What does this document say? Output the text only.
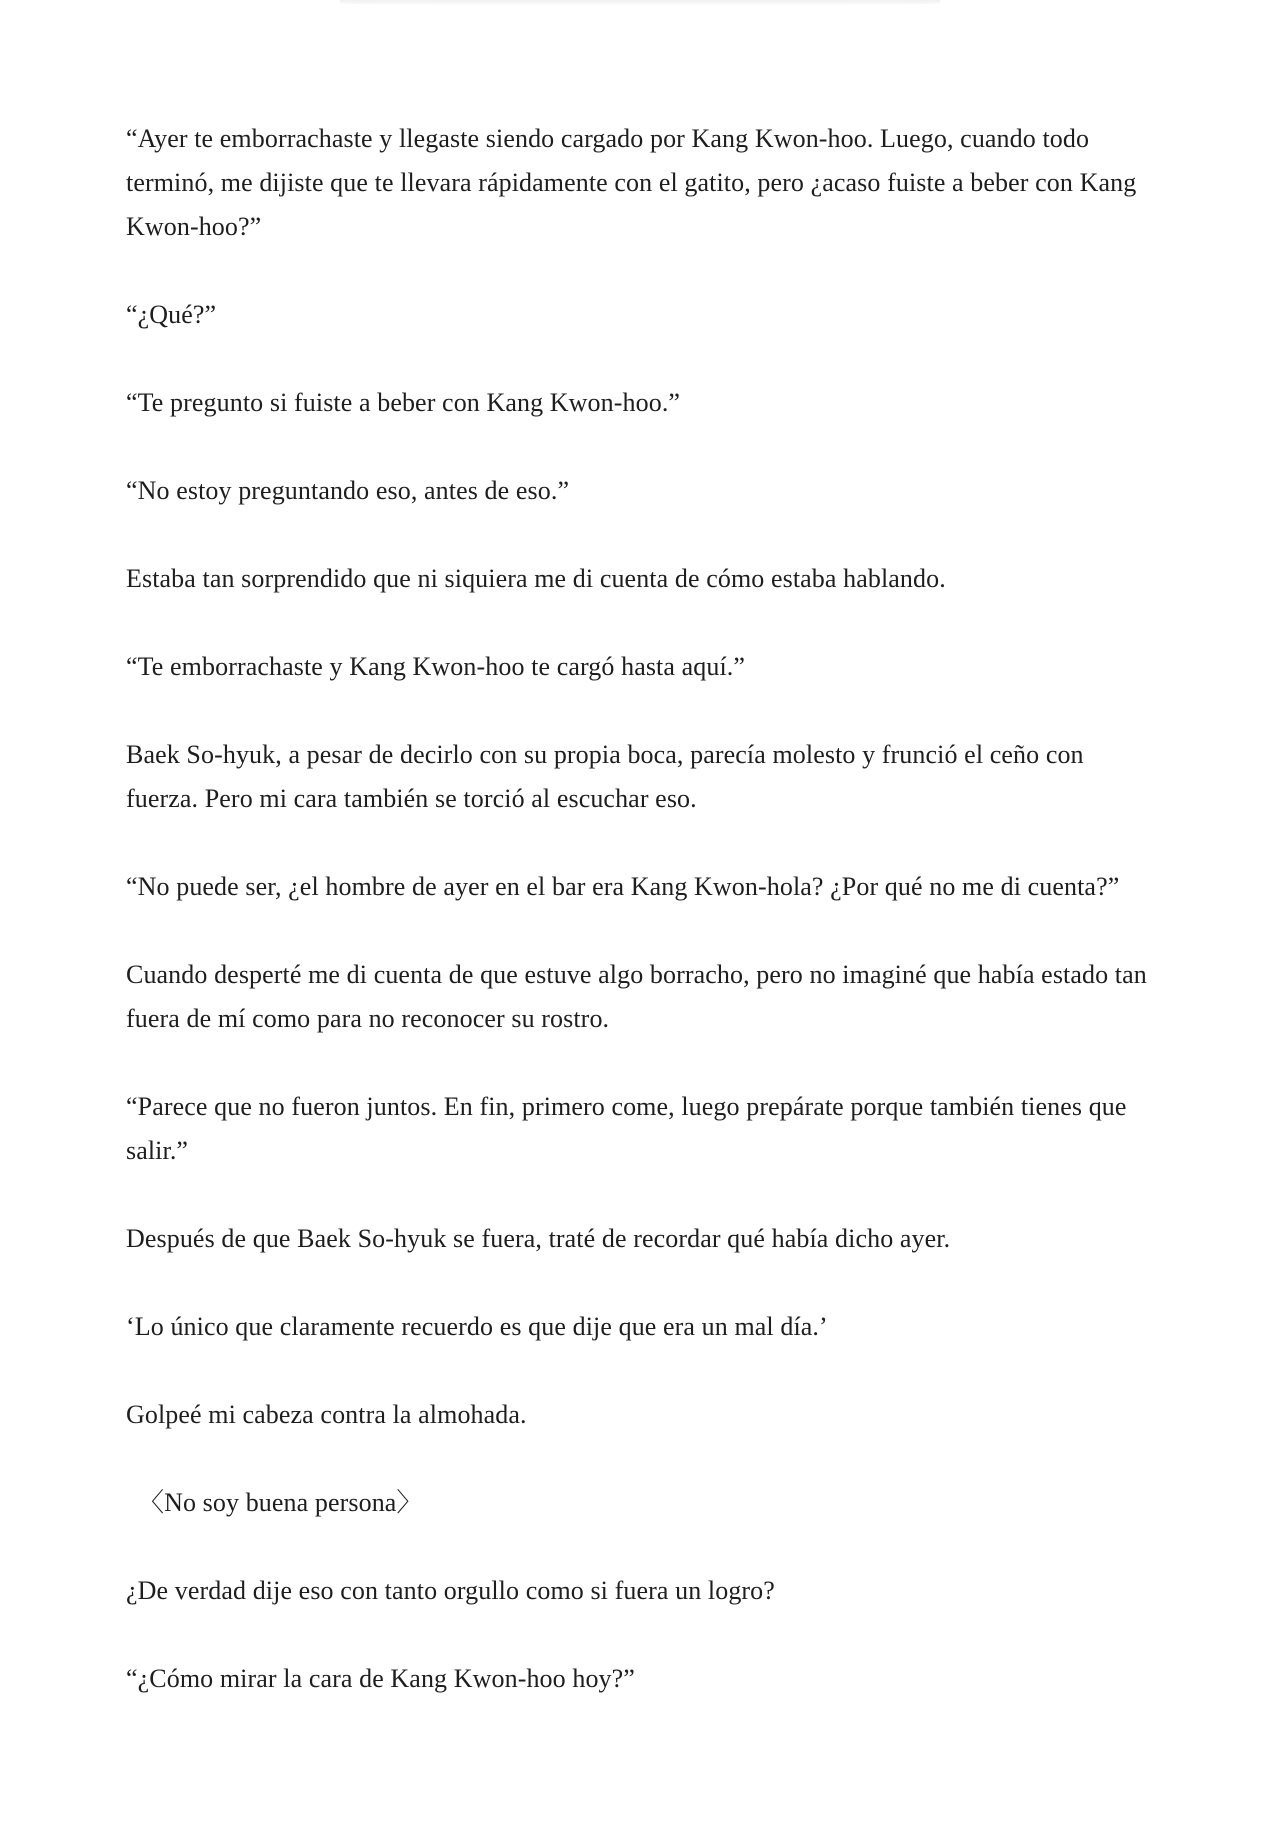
“Ayer te emborrachaste y llegaste siendo cargado por Kang Kwon-hoo. Luego, cuando todo terminó, me dijiste que te llevara rápidamente con el gatito, pero ¿acaso fuiste a beber con Kang Kwon-hoo?”

“¿Qué?”

“Te pregunto si fuiste a beber con Kang Kwon-hoo.”

“No estoy preguntando eso, antes de eso.”

Estaba tan sorprendido que ni siquiera me di cuenta de cómo estaba hablando.

“Te emborrachaste y Kang Kwon-hoo te cargó hasta aquí.”

Baek So-hyuk, a pesar de decirlo con su propia boca, parecía molesto y frunció el ceño con fuerza. Pero mi cara también se torció al escuchar eso.

“No puede ser, ¿el hombre de ayer en el bar era Kang Kwon-hola? ¿Por qué no me di cuenta?”

Cuando desperté me di cuenta de que estuve algo borracho, pero no imaginé que había estado tan fuera de mí como para no reconocer su rostro.

“Parece que no fueron juntos. En fin, primero come, luego prepárate porque también tienes que salir.”

Después de que Baek So-hyuk se fuera, traté de recordar qué había dicho ayer.

‘Lo único que claramente recuerdo es que dije que era un mal día.’

Golpeé mi cabeza contra la almohada.

〈No soy buena persona〉

¿De verdad dije eso con tanto orgullo como si fuera un logro?

“¿Cómo mirar la cara de Kang Kwon-hoo hoy?”
